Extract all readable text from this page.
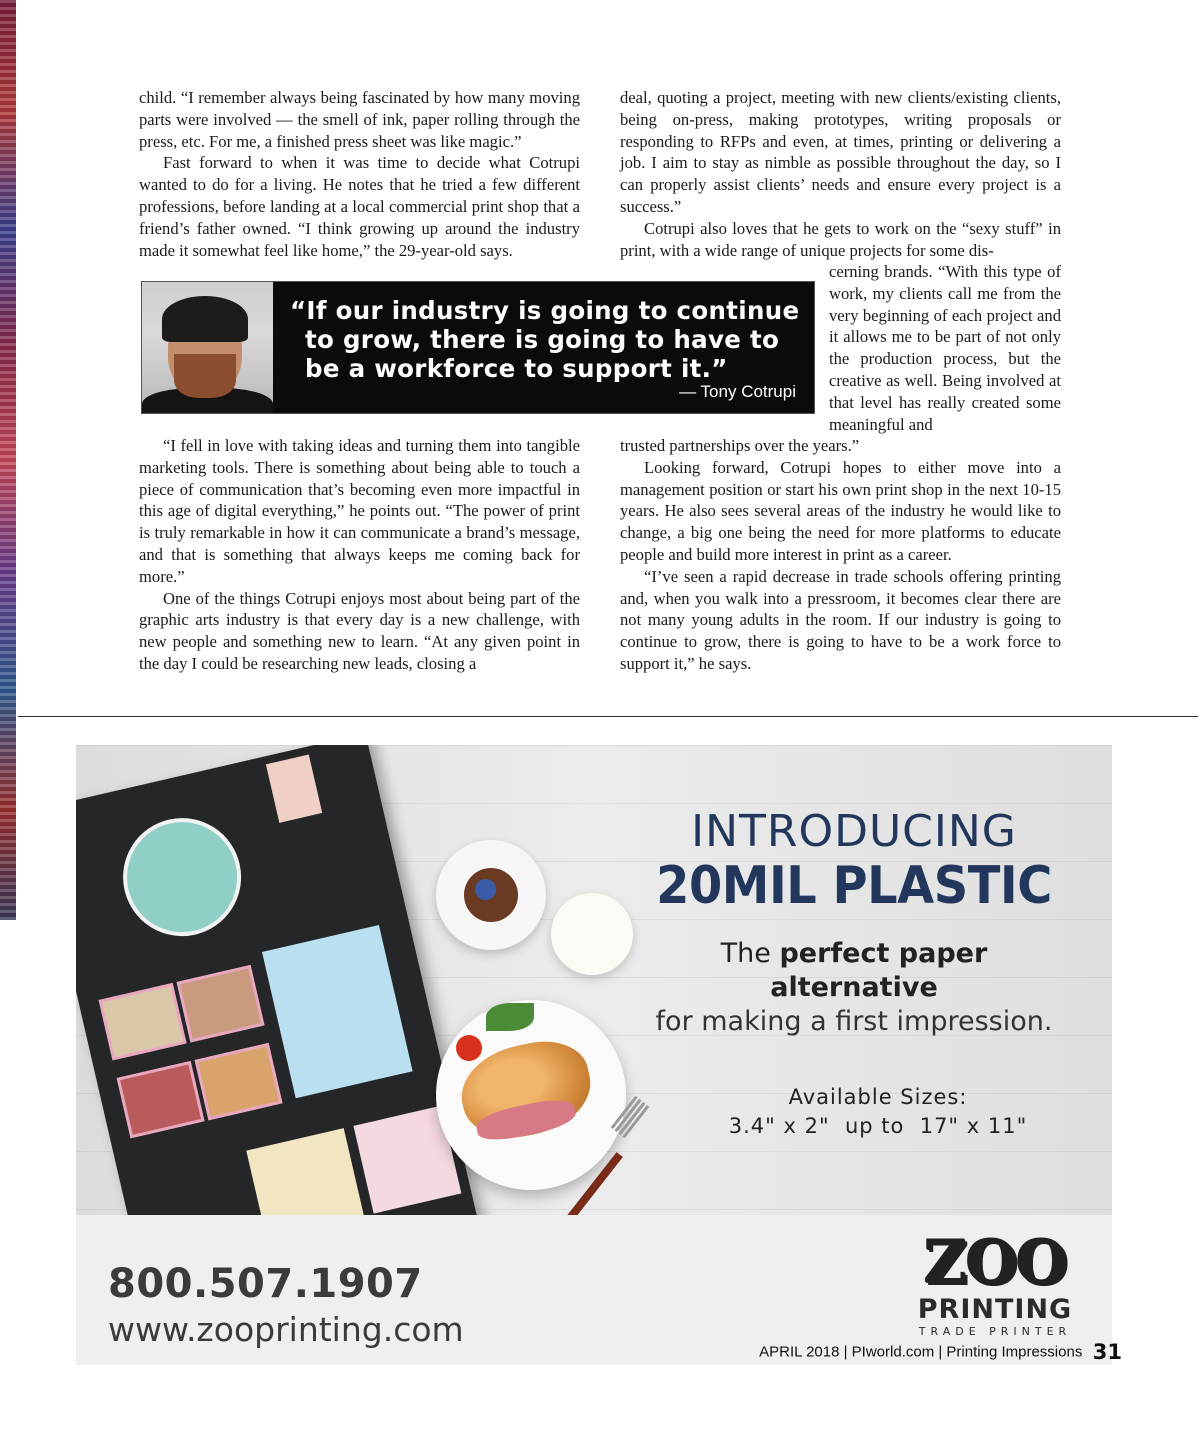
child. “I remember always being fascinated by how many moving parts were involved — the smell of ink, paper rolling through the press, etc. For me, a finished press sheet was like magic.”

Fast forward to when it was time to decide what Cotrupi wanted to do for a living. He notes that he tried a few different professions, before landing at a local commercial print shop that a friend’s father owned. “I think growing up around the industry made it somewhat feel like home,” the 29-year-old says.

“If our industry is going to continue
to grow, there is going to have to
be a workforce to support it.”
— Tony Cotrupi

“I fell in love with taking ideas and turning them into tangible marketing tools. There is something about being able to touch a piece of communication that’s becoming even more impactful in this age of digital everything,” he points out. “The power of print is truly remarkable in how it can communicate a brand’s message, and that is something that always keeps me coming back for more.”

One of the things Cotrupi enjoys most about being part of the graphic arts industry is that every day is a new challenge, with new people and something new to learn. “At any given point in the day I could be researching new leads, closing a

deal, quoting a project, meeting with new clients/existing clients, being on-press, making prototypes, writing proposals or responding to RFPs and even, at times, printing or delivering a job. I aim to stay as nimble as possible throughout the day, so I can properly assist clients’ needs and ensure every project is a success.”

Cotrupi also loves that he gets to work on the “sexy stuff” in print, with a wide range of unique projects for some dis-

cerning brands. “With this type of work, my clients call me from the very beginning of each project and it allows me to be part of not only the production process, but the creative as well. Being involved at that level has really created some meaningful and

trusted partnerships over the years.”

Looking forward, Cotrupi hopes to either move into a management position or start his own print shop in the next 10-15 years. He also sees several areas of the industry he would like to change, a big one being the need for more platforms to educate people and build more interest in print as a career.

“I’ve seen a rapid decrease in trade schools offering printing and, when you walk into a pressroom, it becomes clear there are not many young adults in the room. If our industry is going to continue to grow, there is going to have to be a work force to support it,” he says.

INTRODUCING
20MIL PLASTIC
The perfect paper alternative
for making a first impression.
Available Sizes:
3.4" x 2"  up to  17" x 11"
800.507.1907
www.zooprinting.com
ZOO
PRINTING
TRADE PRINTER
APRIL 2018 | PIworld.com | Printing Impressions 31
